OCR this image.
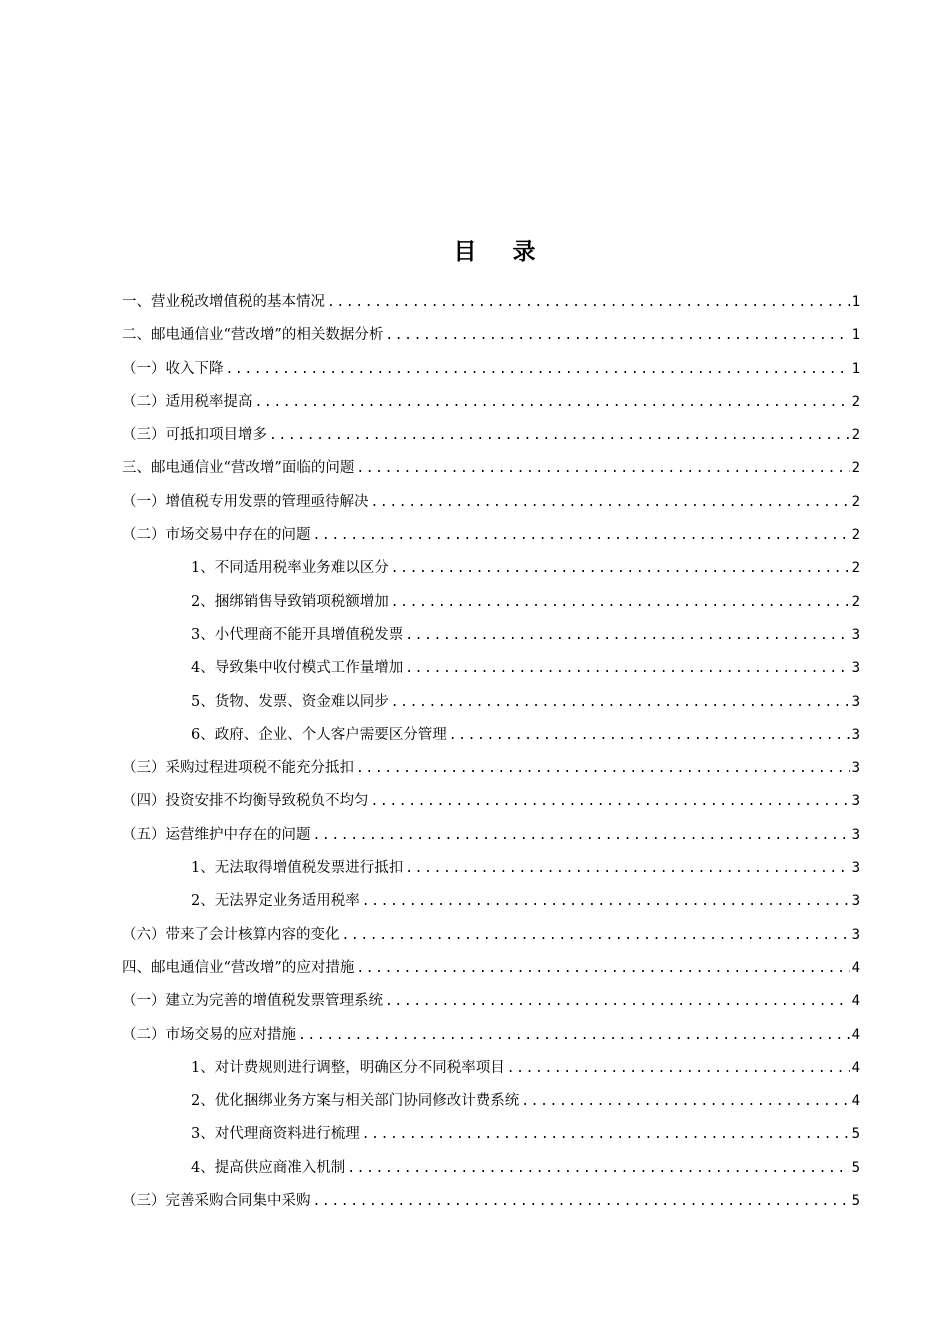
目 录
一、营业税改增值税的基本情况 .....	1
二、邮电通信业“营改增”的相关数据分析 .....	1
（一）收入下降 .....	1
（二）适用税率提高 .....	2
（三）可抵扣项目增多 .....	2
三、邮电通信业“营改增”面临的问题 .....	2
（一）增值税专用发票的管理亟待解决 .....	2
（二）市场交易中存在的问题 .....	2
1、不同适用税率业务难以区分 .....	2
2、捆绑销售导致销项税额增加 .....	2
3、小代理商不能开具增值税发票 .....	3
4、导致集中收付模式工作量增加 .....	3
5、货物、发票、资金难以同步 .....	3
6、政府、企业、个人客户需要区分管理 .....	3
（三）采购过程进项税不能充分抵扣 .....	3
（四）投资安排不均衡导致税负不均匀 .....	3
（五）运营维护中存在的问题 .....	3
1、无法取得增值税发票进行抵扣 .....	3
2、无法界定业务适用税率 .....	3
（六）带来了会计核算内容的变化 .....	3
四、邮电通信业“营改增”的应对措施 .....	4
（一）建立为完善的增值税发票管理系统 .....	4
（二）市场交易的应对措施 .....	4
1、对计费规则进行调整，明确区分不同税率项目 .....	4
2、优化捆绑业务方案与相关部门协同修改计费系统 .....	4
3、对代理商资料进行梳理 .....	5
4、提高供应商准入机制 .....	5
（三）完善采购合同集中采购 .....	5
